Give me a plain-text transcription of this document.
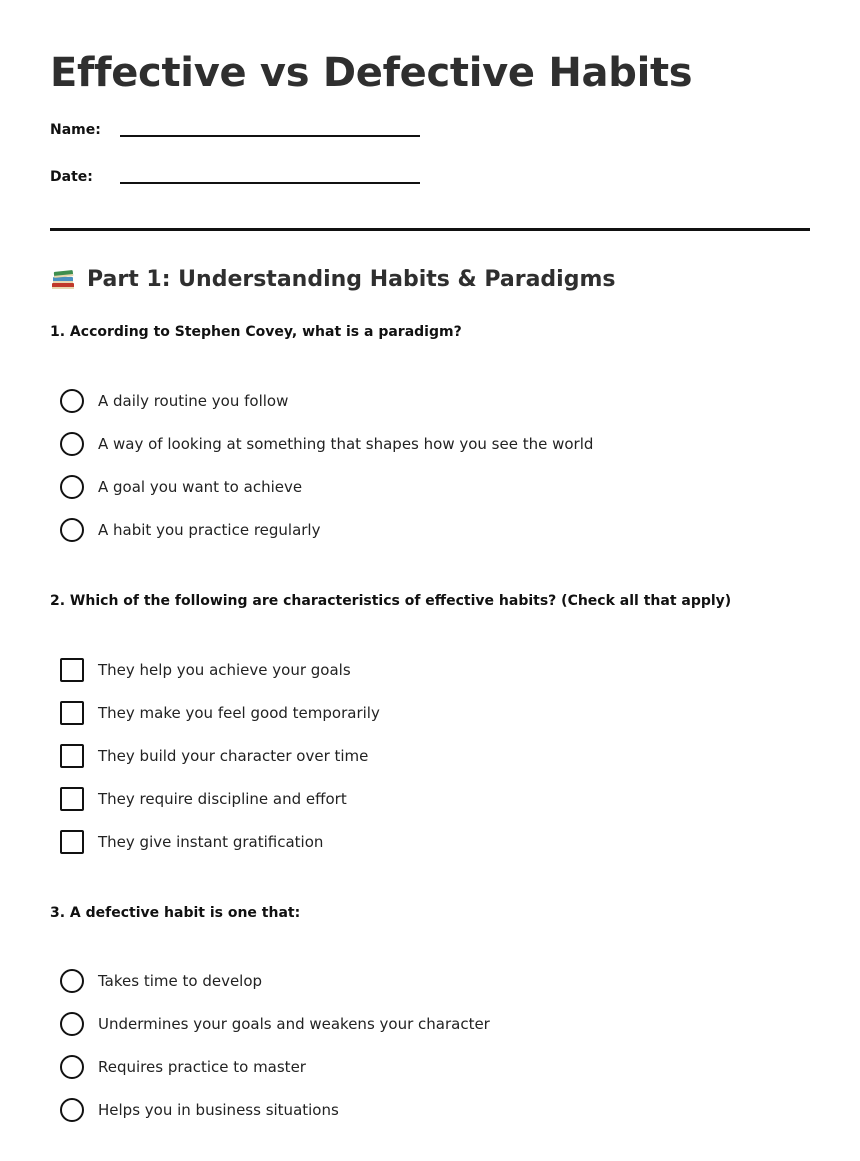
Effective vs Defective Habits
Name:
Date:
Part 1: Understanding Habits & Paradigms

1. According to Stephen Covey, what is a paradigm?

A daily routine you follow
A way of looking at something that shapes how you see the world
A goal you want to achieve
A habit you practice regularly

2. Which of the following are characteristics of effective habits? (Check all that apply)

They help you achieve your goals
They make you feel good temporarily
They build your character over time
They require discipline and effort
They give instant gratification

3. A defective habit is one that:

Takes time to develop
Undermines your goals and weakens your character
Requires practice to master
Helps you in business situations
